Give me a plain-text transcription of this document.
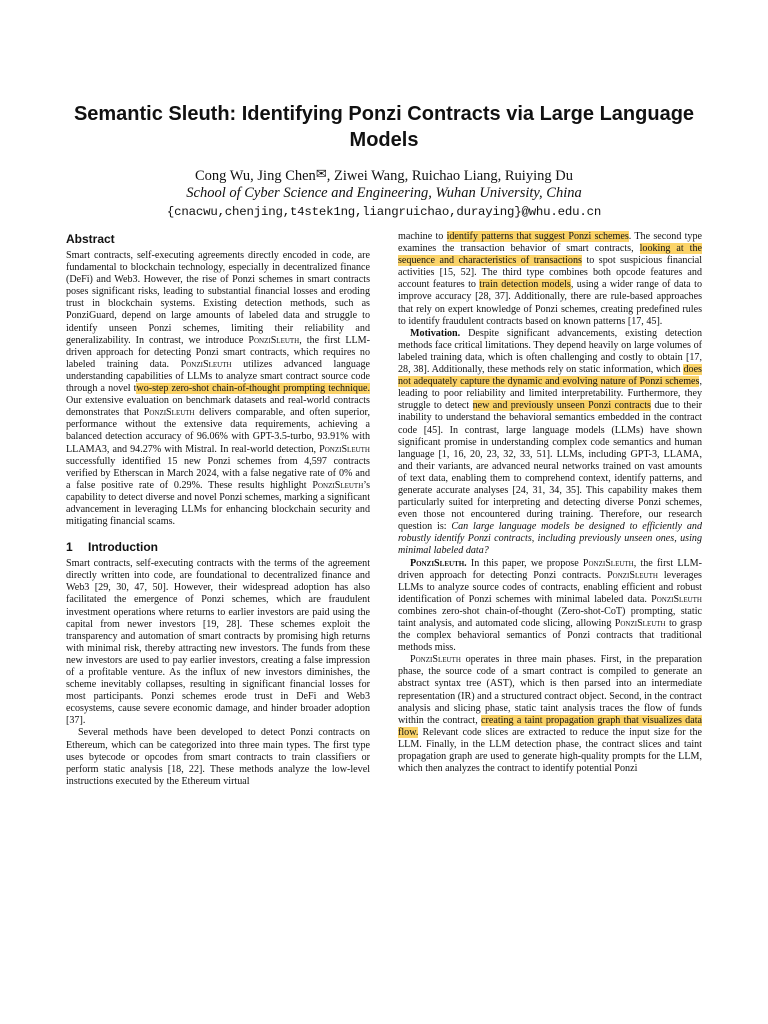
Semantic Sleuth: Identifying Ponzi Contracts via Large Language Models
Cong Wu, Jing Chen✉, Ziwei Wang, Ruichao Liang, Ruiying Du
School of Cyber Science and Engineering, Wuhan University, China
{cnacwu,chenjing,t4stek1ng,liangruichao,duraying}@whu.edu.cn
Abstract

Smart contracts, self-executing agreements directly encoded in code, are fundamental to blockchain technology, especially in decentralized finance (DeFi) and Web3. However, the rise of Ponzi schemes in smart contracts poses significant risks, leading to substantial financial losses and eroding trust in blockchain systems. Existing detection methods, such as PonziGuard, depend on large amounts of labeled data and struggle to identify unseen Ponzi schemes, limiting their reliability and generalizability. In contrast, we introduce PonziSleuth, the first LLM-driven approach for detecting Ponzi smart contracts, which requires no labeled training data. PonziSleuth utilizes advanced language understanding capabilities of LLMs to analyze smart contract source code through a novel two-step zero-shot chain-of-thought prompting technique. Our extensive evaluation on benchmark datasets and real-world contracts demonstrates that PonziSleuth delivers comparable, and often superior, performance without the extensive data requirements, achieving a balanced detection accuracy of 96.06% with GPT-3.5-turbo, 93.91% with LLAMA3, and 94.27% with Mistral. In real-world detection, PonziSleuth successfully identified 15 new Ponzi schemes from 4,597 contracts verified by Etherscan in March 2024, with a false negative rate of 0% and a false positive rate of 0.29%. These results highlight PonziSleuth’s capability to detect diverse and novel Ponzi schemes, marking a significant advancement in leveraging LLMs for enhancing blockchain security and mitigating financial scams.

1 Introduction

Smart contracts, self-executing contracts with the terms of the agreement directly written into code, are foundational to decentralized finance and Web3 [29, 30, 47, 50]. However, their widespread adoption has also facilitated the emergence of Ponzi schemes, which are fraudulent investment operations where returns to earlier investors are paid using the capital from newer investors [19, 28]. These schemes exploit the transparency and automation of smart contracts by promising high returns with minimal risk, thereby attracting new investors. The funds from these new investors are used to pay earlier investors, creating a false impression of a profitable venture. As the influx of new investors diminishes, the scheme inevitably collapses, resulting in significant financial losses for most participants. Ponzi schemes erode trust in DeFi and Web3 ecosystems, cause severe economic damage, and hinder broader adoption [37].

Several methods have been developed to detect Ponzi contracts on Ethereum, which can be categorized into three main types. The first type uses bytecode or opcodes from smart contracts to train classifiers or perform static analysis [18, 22]. These methods analyze the low-level instructions executed by the Ethereum virtual

machine to identify patterns that suggest Ponzi schemes. The second type examines the transaction behavior of smart contracts, looking at the sequence and characteristics of transactions to spot suspicious financial activities [15, 52]. The third type combines both opcode features and account features to train detection models, using a wider range of data to improve accuracy [28, 37]. Additionally, there are rule-based approaches that rely on expert knowledge of Ponzi schemes, creating predefined rules to identify fraudulent contracts based on known patterns [17, 45].

Motivation. Despite significant advancements, existing detection methods face critical limitations. They depend heavily on large volumes of labeled training data, which is often challenging and costly to obtain [17, 28, 38]. Additionally, these methods rely on static information, which does not adequately capture the dynamic and evolving nature of Ponzi schemes, leading to poor reliability and limited interpretability. Furthermore, they struggle to detect new and previously unseen Ponzi contracts due to their inability to understand the behavioral semantics embedded in the contract code [45]. In contrast, large language models (LLMs) have shown significant promise in understanding complex code semantics and human language [1, 16, 20, 23, 32, 33, 51]. LLMs, including GPT-3, LLAMA, and their variants, are advanced neural networks trained on vast amounts of text data, enabling them to comprehend context, identify patterns, and generate accurate analyses [24, 31, 34, 35]. This capability makes them particularly suited for interpreting and detecting diverse Ponzi schemes, even those not encountered during training. Therefore, our research question is: Can large language models be designed to efficiently and robustly identify Ponzi contracts, including previously unseen ones, using minimal labeled data?

PonziSleuth. In this paper, we propose PonziSleuth, the first LLM-driven approach for detecting Ponzi contracts. PonziSleuth leverages LLMs to analyze source codes of contracts, enabling efficient and robust identification of Ponzi schemes with minimal labeled data. PonziSleuth combines zero-shot chain-of-thought (Zero-shot-CoT) prompting, static taint analysis, and automated code slicing, allowing PonziSleuth to grasp the complex behavioral semantics of Ponzi contracts that traditional methods miss.

PonziSleuth operates in three main phases. First, in the preparation phase, the source code of a smart contract is compiled to generate an abstract syntax tree (AST), which is then parsed into an intermediate representation (IR) and a structured contract object. Second, in the contract analysis and slicing phase, static taint analysis traces the flow of funds within the contract, creating a taint propagation graph that visualizes data flow. Relevant code slices are extracted to reduce the input size for the LLM. Finally, in the LLM detection phase, the contract slices and taint propagation graph are used to generate high-quality prompts for the LLM, which then analyzes the contract to identify potential Ponzi
